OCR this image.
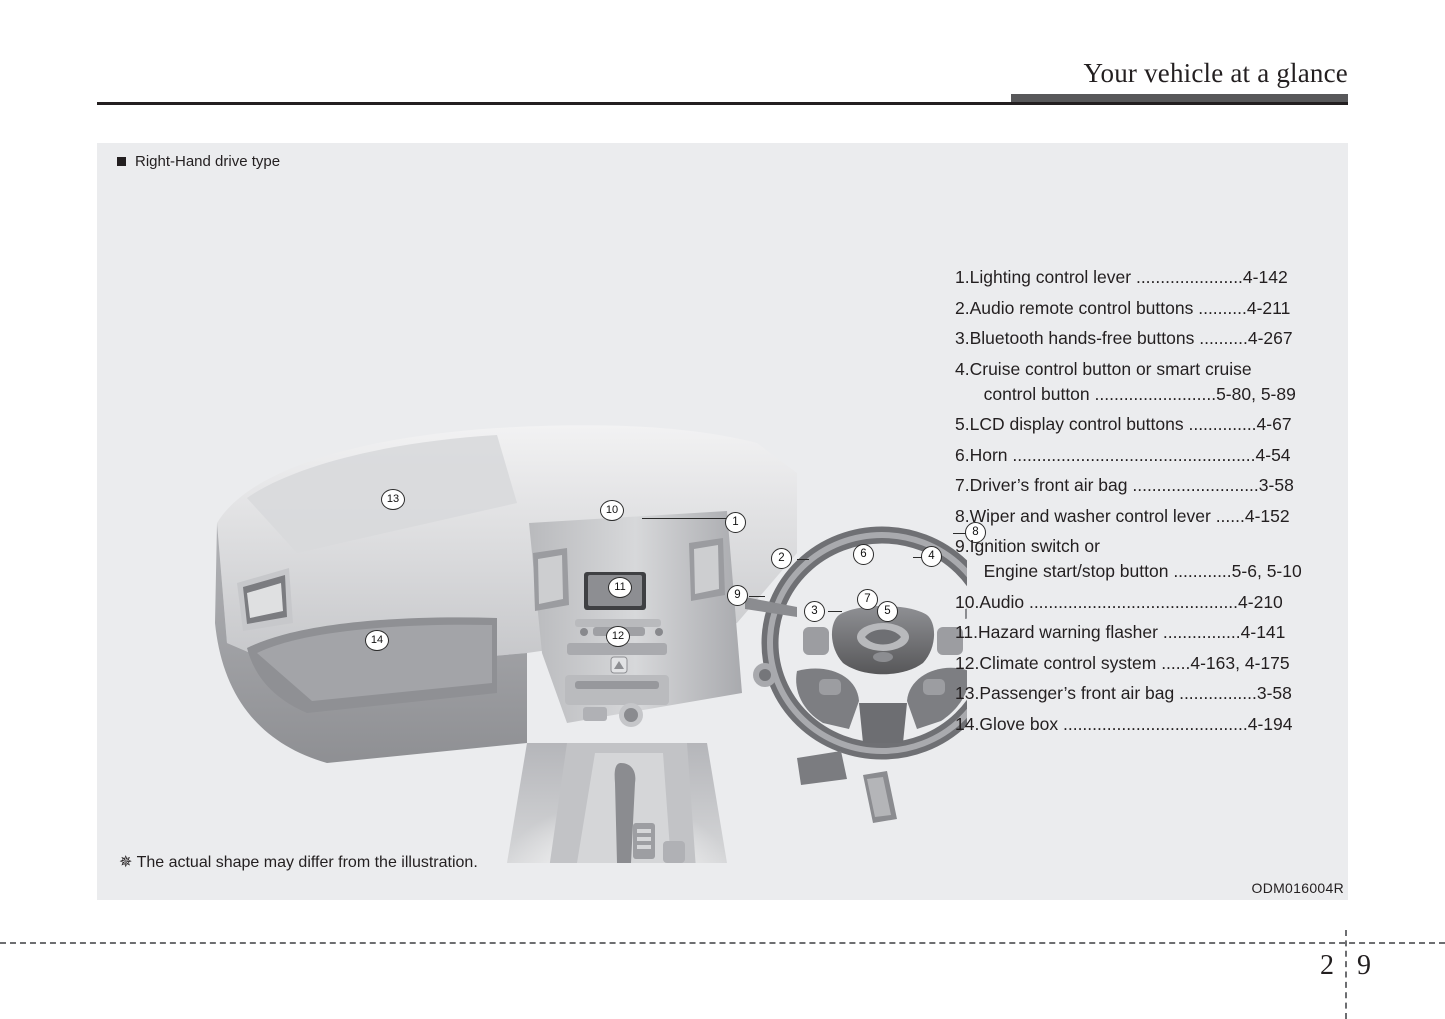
Your vehicle at a glance
Right-Hand drive type
1
2
3
4
5
6
7
8
9
10
11
12
13
14
1. Lighting control lever ......................4-142
2. Audio remote control buttons ..........4-211
3. Bluetooth hands-free buttons ..........4-267
4. Cruise control button or smart cruise
control button .........................5-80, 5-89
5. LCD display control buttons ..............4-67
6. Horn ..................................................4-54
7. Driver’s front air bag ..........................3-58
8. Wiper and washer control lever ......4-152
9. Ignition switch or
Engine start/stop button ............5-6, 5-10
10. Audio ...........................................4-210
11. Hazard warning flasher ................4-141
12. Climate control system ......4-163, 4-175
13. Passenger’s front air bag ................3-58
14. Glove box ......................................4-194
✵ The actual shape may differ from the illustration.
ODM016004R
2 9
